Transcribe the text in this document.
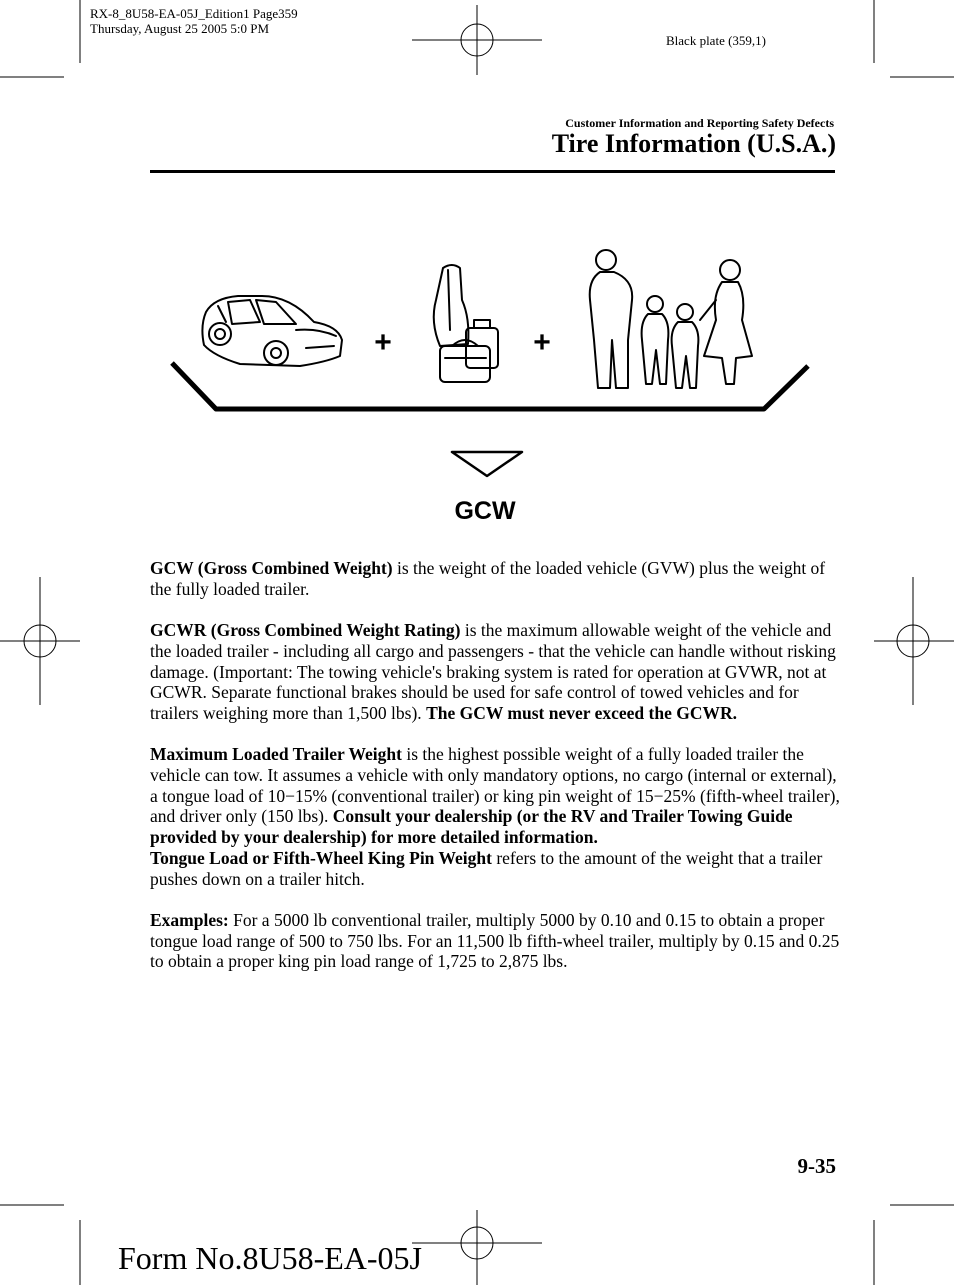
RX-8_8U58-EA-05J_Edition1 Page359
Thursday, August 25 2005 5:0 PM
Black plate (359,1)
Customer Information and Reporting Safety Defects
Tire Information (U.S.A.)
+	+
GCW

GCW (Gross Combined Weight) is the weight of the loaded vehicle (GVW) plus the weight of the fully loaded trailer.

GCWR (Gross Combined Weight Rating) is the maximum allowable weight of the vehicle and the loaded trailer - including all cargo and passengers - that the vehicle can handle without risking damage. (Important: The towing vehicle's braking system is rated for operation at GVWR, not at GCWR. Separate functional brakes should be used for safe control of towed vehicles and for trailers weighing more than 1,500 lbs). The GCW must never exceed the GCWR.

Maximum Loaded Trailer Weight is the highest possible weight of a fully loaded trailer the vehicle can tow. It assumes a vehicle with only mandatory options, no cargo (internal or external), a tongue load of 10−15% (conventional trailer) or king pin weight of 15−25% (fifth-wheel trailer), and driver only (150 lbs). Consult your dealership (or the RV and Trailer Towing Guide provided by your dealership) for more detailed information.
Tongue Load or Fifth-Wheel King Pin Weight refers to the amount of the weight that a trailer pushes down on a trailer hitch.

Examples: For a 5000 lb conventional trailer, multiply 5000 by 0.10 and 0.15 to obtain a proper tongue load range of 500 to 750 lbs. For an 11,500 lb fifth-wheel trailer, multiply by 0.15 and 0.25 to obtain a proper king pin load range of 1,725 to 2,875 lbs.

9-35
Form No.8U58-EA-05J
